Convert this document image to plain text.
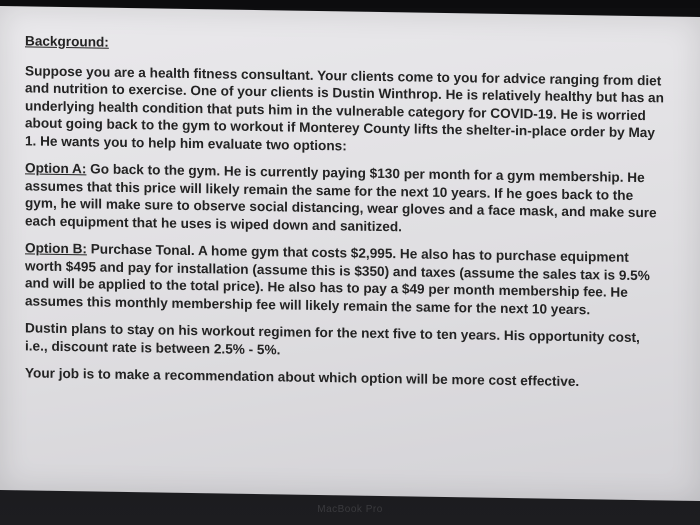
Background:

Suppose you are a health fitness consultant. Your clients come to you for advice ranging from diet and nutrition to exercise. One of your clients is Dustin Winthrop. He is relatively healthy but has an underlying health condition that puts him in the vulnerable category for COVID-19. He is worried about going back to the gym to workout if Monterey County lifts the shelter-in-place order by May 1. He wants you to help him evaluate two options:

Option A: Go back to the gym. He is currently paying $130 per month for a gym membership. He assumes that this price will likely remain the same for the next 10 years. If he goes back to the gym, he will make sure to observe social distancing, wear gloves and a face mask, and make sure each equipment that he uses is wiped down and sanitized.

Option B: Purchase Tonal. A home gym that costs $2,995. He also has to purchase equipment worth $495 and pay for installation (assume this is $350) and taxes (assume the sales tax is 9.5% and will be applied to the total price). He also has to pay a $49 per month membership fee. He assumes this monthly membership fee will likely remain the same for the next 10 years.

Dustin plans to stay on his workout regimen for the next five to ten years. His opportunity cost, i.e., discount rate is between 2.5% - 5%.

Your job is to make a recommendation about which option will be more cost effective.

MacBook Pro
